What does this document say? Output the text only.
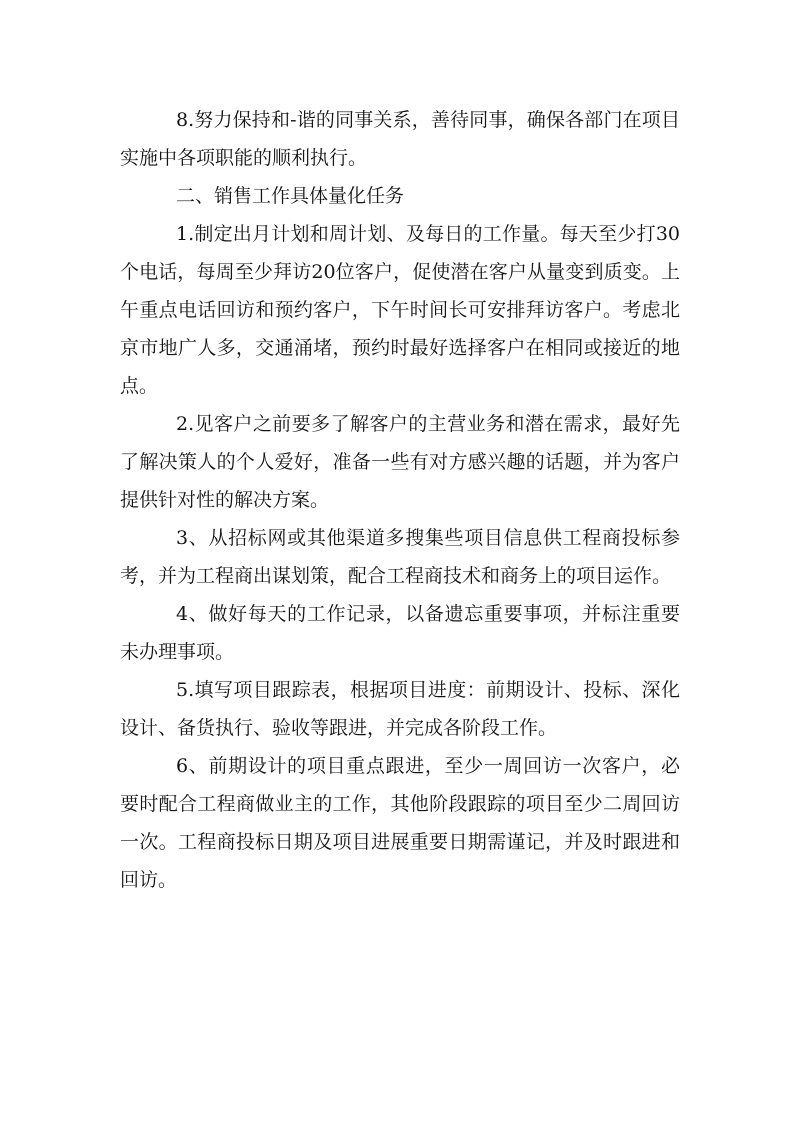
8.努力保持和-谐的同事关系，善待同事，确保各部门在项目实施中各项职能的顺利执行。

二、销售工作具体量化任务

1.制定出月计划和周计划、及每日的工作量。每天至少打30个电话，每周至少拜访20位客户，促使潜在客户从量变到质变。上午重点电话回访和预约客户，下午时间长可安排拜访客户。考虑北京市地广人多，交通涌堵，预约时最好选择客户在相同或接近的地点。

2.见客户之前要多了解客户的主营业务和潜在需求，最好先了解决策人的个人爱好，准备一些有对方感兴趣的话题，并为客户提供针对性的解决方案。

3、从招标网或其他渠道多搜集些项目信息供工程商投标参考，并为工程商出谋划策，配合工程商技术和商务上的项目运作。

4、做好每天的工作记录，以备遗忘重要事项，并标注重要未办理事项。

5.填写项目跟踪表，根据项目进度：前期设计、投标、深化设计、备货执行、验收等跟进，并完成各阶段工作。

6、前期设计的项目重点跟进，至少一周回访一次客户，必要时配合工程商做业主的工作，其他阶段跟踪的项目至少二周回访一次。工程商投标日期及项目进展重要日期需谨记，并及时跟进和回访。
